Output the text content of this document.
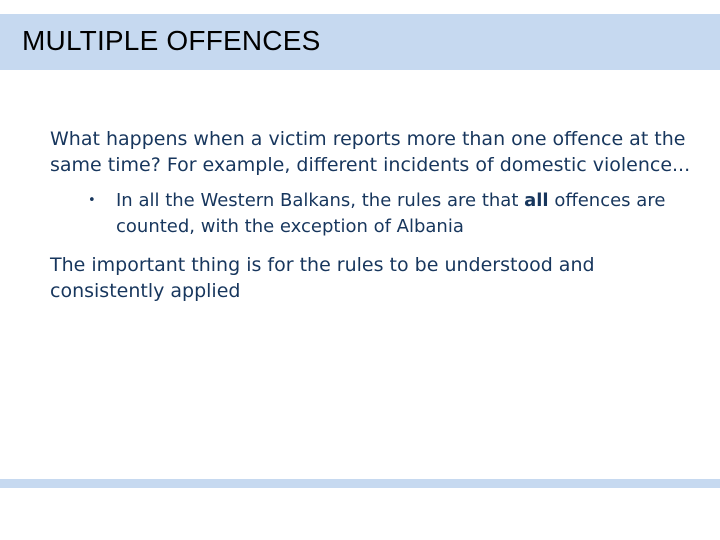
MULTIPLE OFFENCES

What happens when a victim reports more than one offence at the same time? For example, different incidents of domestic violence...

• In all the Western Balkans, the rules are that all offences are counted, with the exception of Albania

The important thing is for the rules to be understood and consistently applied
